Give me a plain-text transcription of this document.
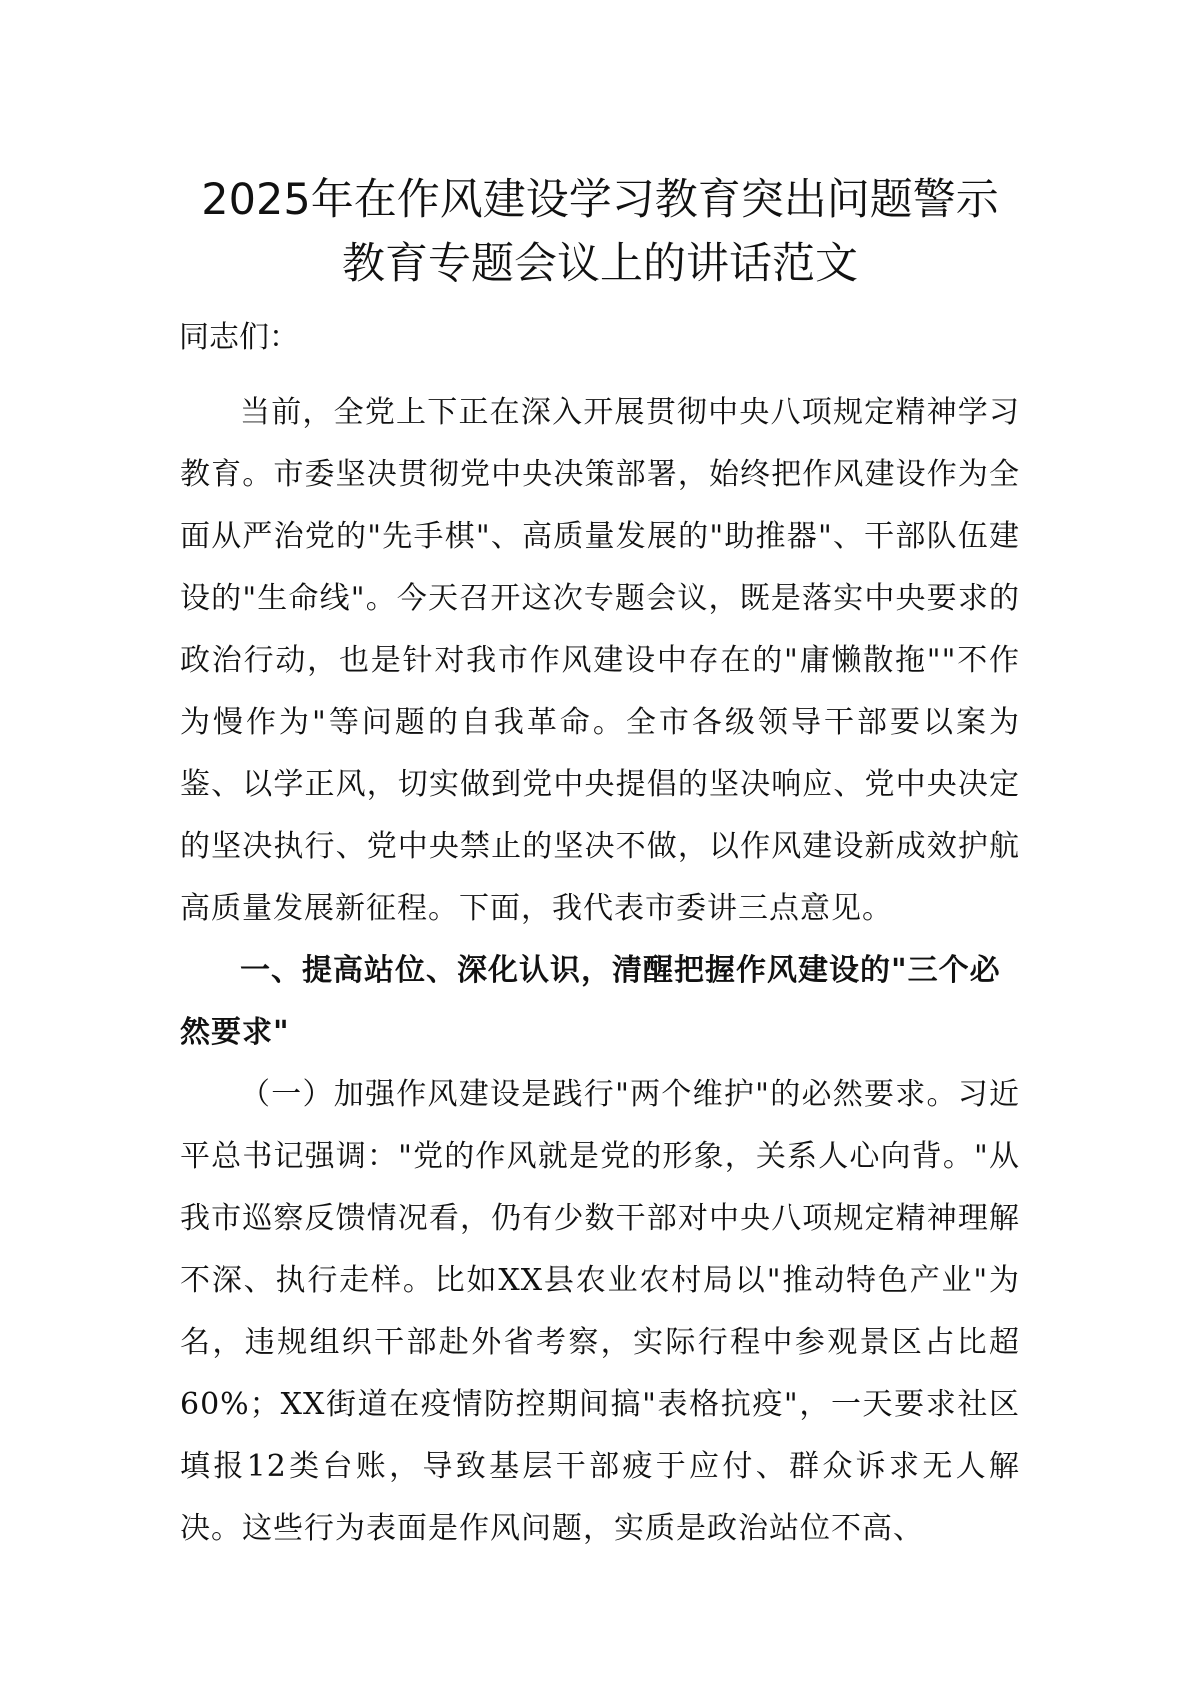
2025年在作风建设学习教育突出问题警示教育专题会议上的讲话范文

同志们：

当前，全党上下正在深入开展贯彻中央八项规定精神学习教育。市委坚决贯彻党中央决策部署，始终把作风建设作为全面从严治党的"先手棋"、高质量发展的"助推器"、干部队伍建设的"生命线"。今天召开这次专题会议，既是落实中央要求的政治行动，也是针对我市作风建设中存在的"庸懒散拖""不作为慢作为"等问题的自我革命。全市各级领导干部要以案为鉴、以学正风，切实做到党中央提倡的坚决响应、党中央决定的坚决执行、党中央禁止的坚决不做，以作风建设新成效护航高质量发展新征程。下面，我代表市委讲三点意见。

一、提高站位、深化认识，清醒把握作风建设的"三个必然要求"

（一）加强作风建设是践行"两个维护"的必然要求。习近平总书记强调："党的作风就是党的形象，关系人心向背。"从我市巡察反馈情况看，仍有少数干部对中央八项规定精神理解不深、执行走样。比如XX县农业农村局以"推动特色产业"为名，违规组织干部赴外省考察，实际行程中参观景区占比超60%；XX街道在疫情防控期间搞"表格抗疫"，一天要求社区填报12类台账，导致基层干部疲于应付、群众诉求无人解决。这些行为表面是作风问题，实质是政治站位不高、
